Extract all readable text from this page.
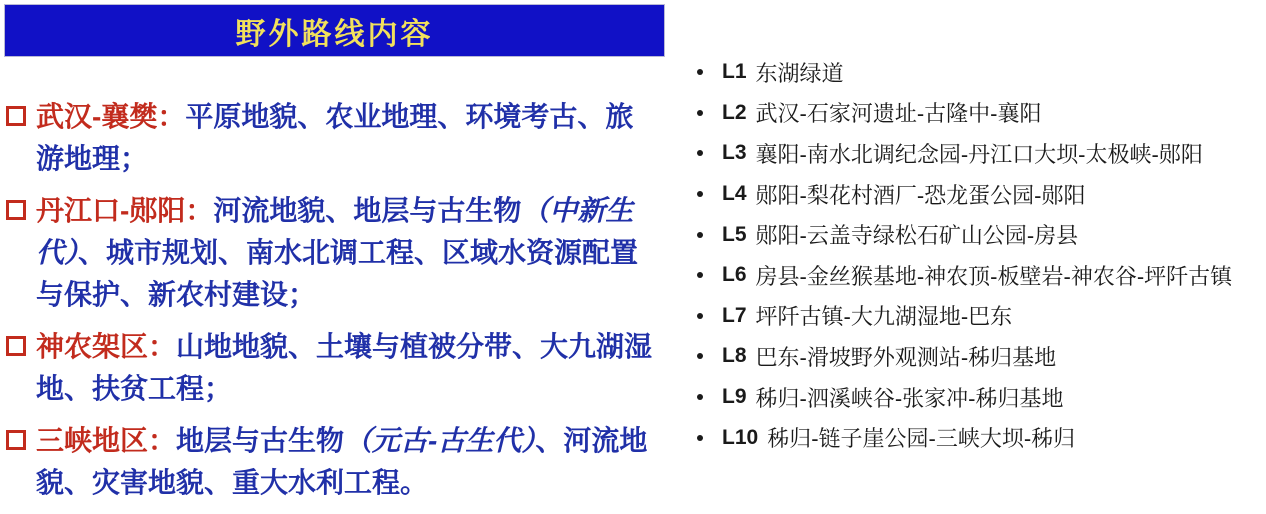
野外路线内容
武汉-襄樊：平原地貌、农业地理、环境考古、旅游地理；
丹江口-郧阳：河流地貌、地层与古生物（中新生代）、城市规划、南水北调工程、区域水资源配置与保护、新农村建设；
神农架区：山地地貌、土壤与植被分带、大九湖湿地、扶贫工程；
三峡地区：地层与古生物（元古-古生代）、河流地貌、灾害地貌、重大水利工程。
L1 东湖绿道
L2 武汉-石家河遗址-古隆中-襄阳
L3 襄阳-南水北调纪念园-丹江口大坝-太极峡-郧阳
L4 郧阳-梨花村酒厂-恐龙蛋公园-郧阳
L5 郧阳-云盖寺绿松石矿山公园-房县
L6 房县-金丝猴基地-神农顶-板壁岩-神农谷-坪阡古镇
L7 坪阡古镇-大九湖湿地-巴东
L8 巴东-滑坡野外观测站-秭归基地
L9 秭归-泗溪峡谷-张家冲-秭归基地
L10 秭归-链子崖公园-三峡大坝-秭归
